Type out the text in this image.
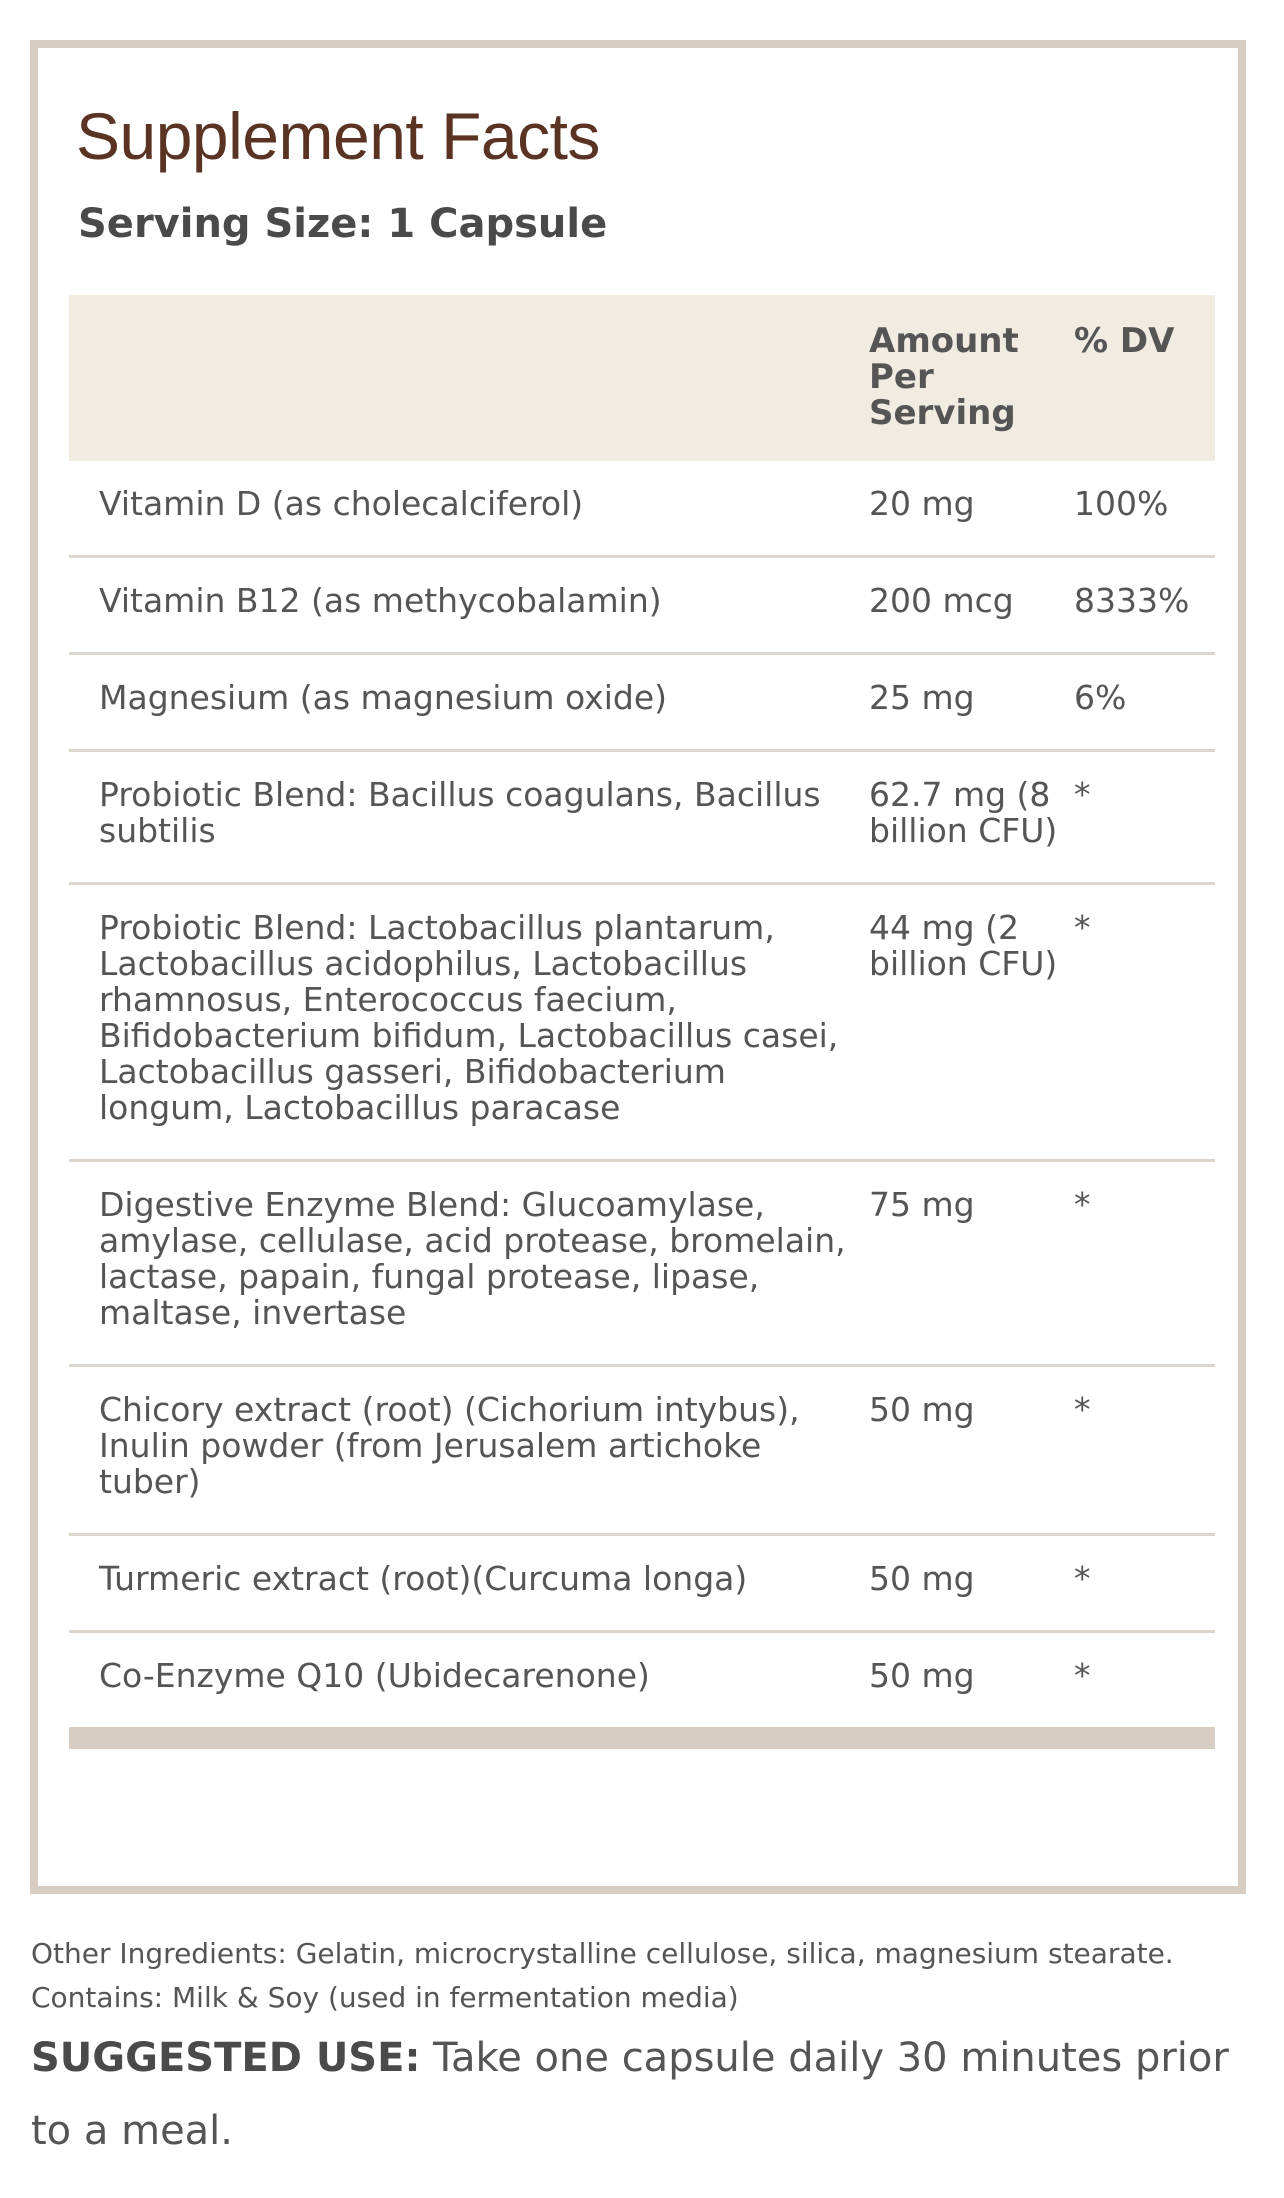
Supplement Facts
Serving Size: 1 Capsule
	Amount Per Serving	% DV
Vitamin D (as cholecalciferol)	20 mg	100%
Vitamin B12 (as methycobalamin)	200 mcg	8333%
Magnesium (as magnesium oxide)	25 mg	6%
Probiotic Blend: Bacillus coagulans, Bacillus subtilis	62.7 mg (8 billion CFU)	*
Probiotic Blend: Lactobacillus plantarum, Lactobacillus acidophilus, Lactobacillus rhamnosus, Enterococcus faecium, Bifidobacterium bifidum, Lactobacillus casei, Lactobacillus gasseri, Bifidobacterium longum, Lactobacillus paracase	44 mg (2 billion CFU)	*
Digestive Enzyme Blend: Glucoamylase, amylase, cellulase, acid protease, bromelain, lactase, papain, fungal protease, lipase, maltase, invertase	75 mg	*
Chicory extract (root) (Cichorium intybus), Inulin powder (from Jerusalem artichoke tuber)	50 mg	*
Turmeric extract (root)(Curcuma longa)	50 mg	*
Co-Enzyme Q10 (Ubidecarenone)	50 mg	*

Other Ingredients: Gelatin, microcrystalline cellulose, silica, magnesium stearate. Contains: Milk & Soy (used in fermentation media)

SUGGESTED USE: Take one capsule daily 30 minutes prior to a meal.
